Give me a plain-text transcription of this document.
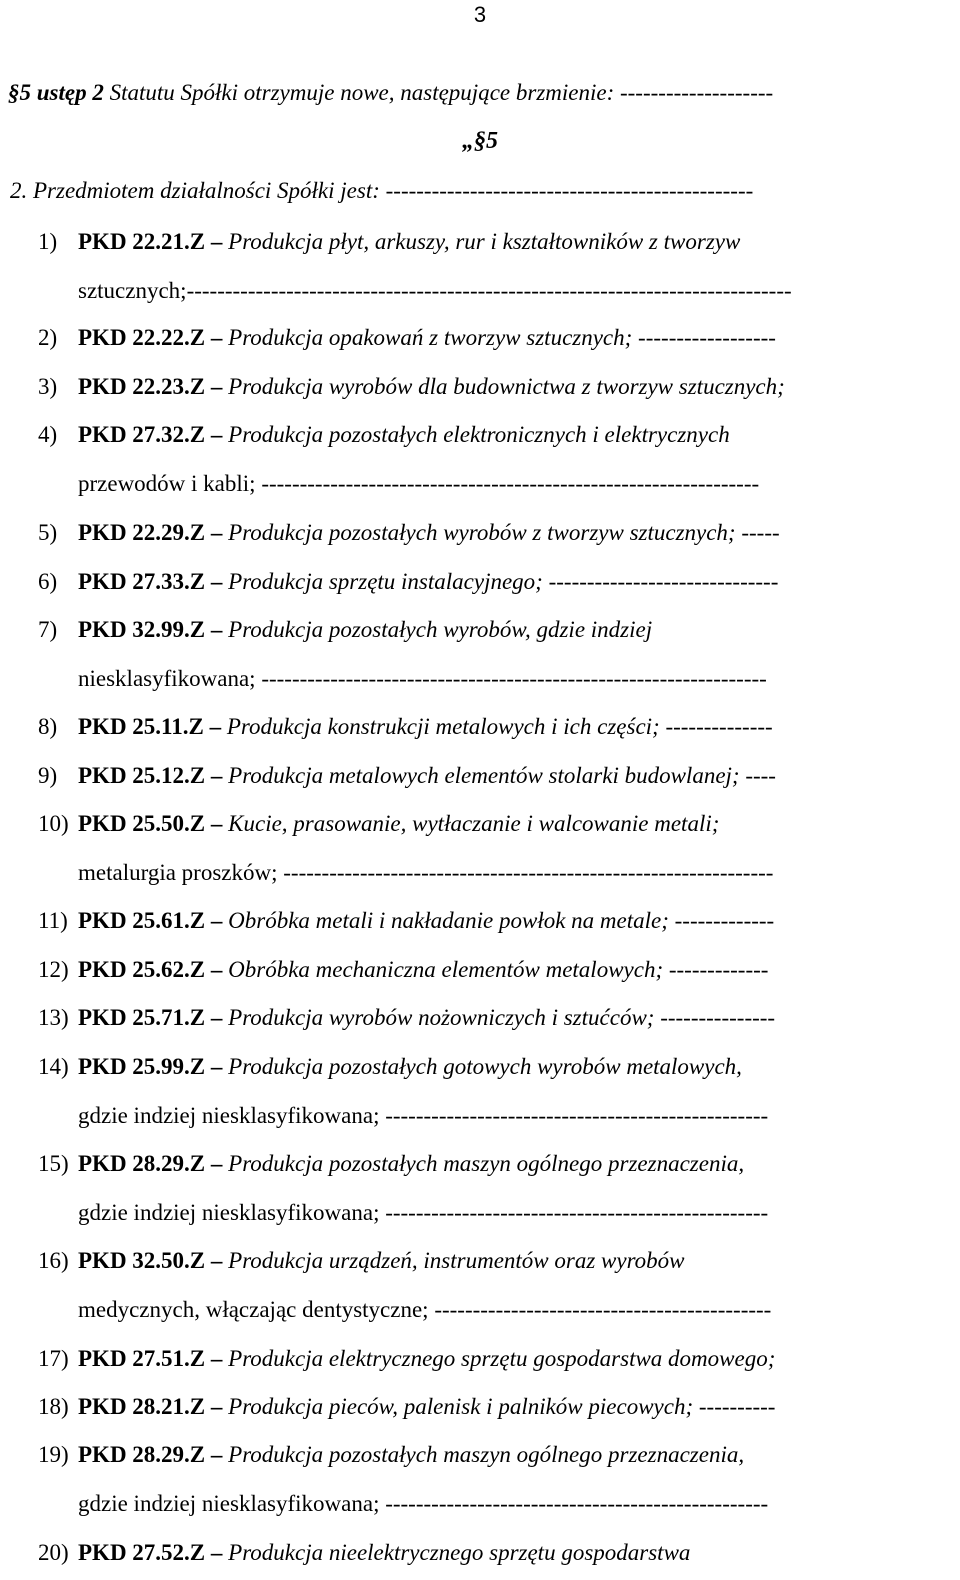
3
§5 ustęp 2 Statutu Spółki otrzymuje nowe, następujące brzmienie: --------------------
„§5
2. Przedmiotem działalności Spółki jest: ------------------------------------------------
1) PKD 22.21.Z – Produkcja płyt, arkuszy, rur i kształtowników z tworzyw
sztucznych;-------------------------------------------------------------------------------
2) PKD 22.22.Z – Produkcja opakowań z tworzyw sztucznych; ------------------
3) PKD 22.23.Z – Produkcja wyrobów dla budownictwa z tworzyw sztucznych;
4) PKD 27.32.Z – Produkcja pozostałych elektronicznych i elektrycznych
przewodów i kabli; -----------------------------------------------------------------
5) PKD 22.29.Z – Produkcja pozostałych wyrobów z tworzyw sztucznych; -----
6) PKD 27.33.Z – Produkcja sprzętu instalacyjnego; ------------------------------
7) PKD 32.99.Z – Produkcja pozostałych wyrobów, gdzie indziej
niesklasyfikowana; ------------------------------------------------------------------
8) PKD 25.11.Z – Produkcja konstrukcji metalowych i ich części; --------------
9) PKD 25.12.Z – Produkcja metalowych elementów stolarki budowlanej; ----
10) PKD 25.50.Z – Kucie, prasowanie, wytłaczanie i walcowanie metali;
metalurgia proszków; ----------------------------------------------------------------
11) PKD 25.61.Z – Obróbka metali i nakładanie powłok na metale; -------------
12) PKD 25.62.Z – Obróbka mechaniczna elementów metalowych; -------------
13) PKD 25.71.Z – Produkcja wyrobów nożowniczych i sztućców; ---------------
14) PKD 25.99.Z – Produkcja pozostałych gotowych wyrobów metalowych,
gdzie indziej niesklasyfikowana; --------------------------------------------------
15) PKD 28.29.Z – Produkcja pozostałych maszyn ogólnego przeznaczenia,
gdzie indziej niesklasyfikowana; --------------------------------------------------
16) PKD 32.50.Z – Produkcja urządzeń, instrumentów oraz wyrobów
medycznych, włączając dentystyczne; --------------------------------------------
17) PKD 27.51.Z – Produkcja elektrycznego sprzętu gospodarstwa domowego;
18) PKD 28.21.Z – Produkcja pieców, palenisk i palników piecowych; ----------
19) PKD 28.29.Z – Produkcja pozostałych maszyn ogólnego przeznaczenia,
gdzie indziej niesklasyfikowana; --------------------------------------------------
20) PKD 27.52.Z – Produkcja nieelektrycznego sprzętu gospodarstwa
